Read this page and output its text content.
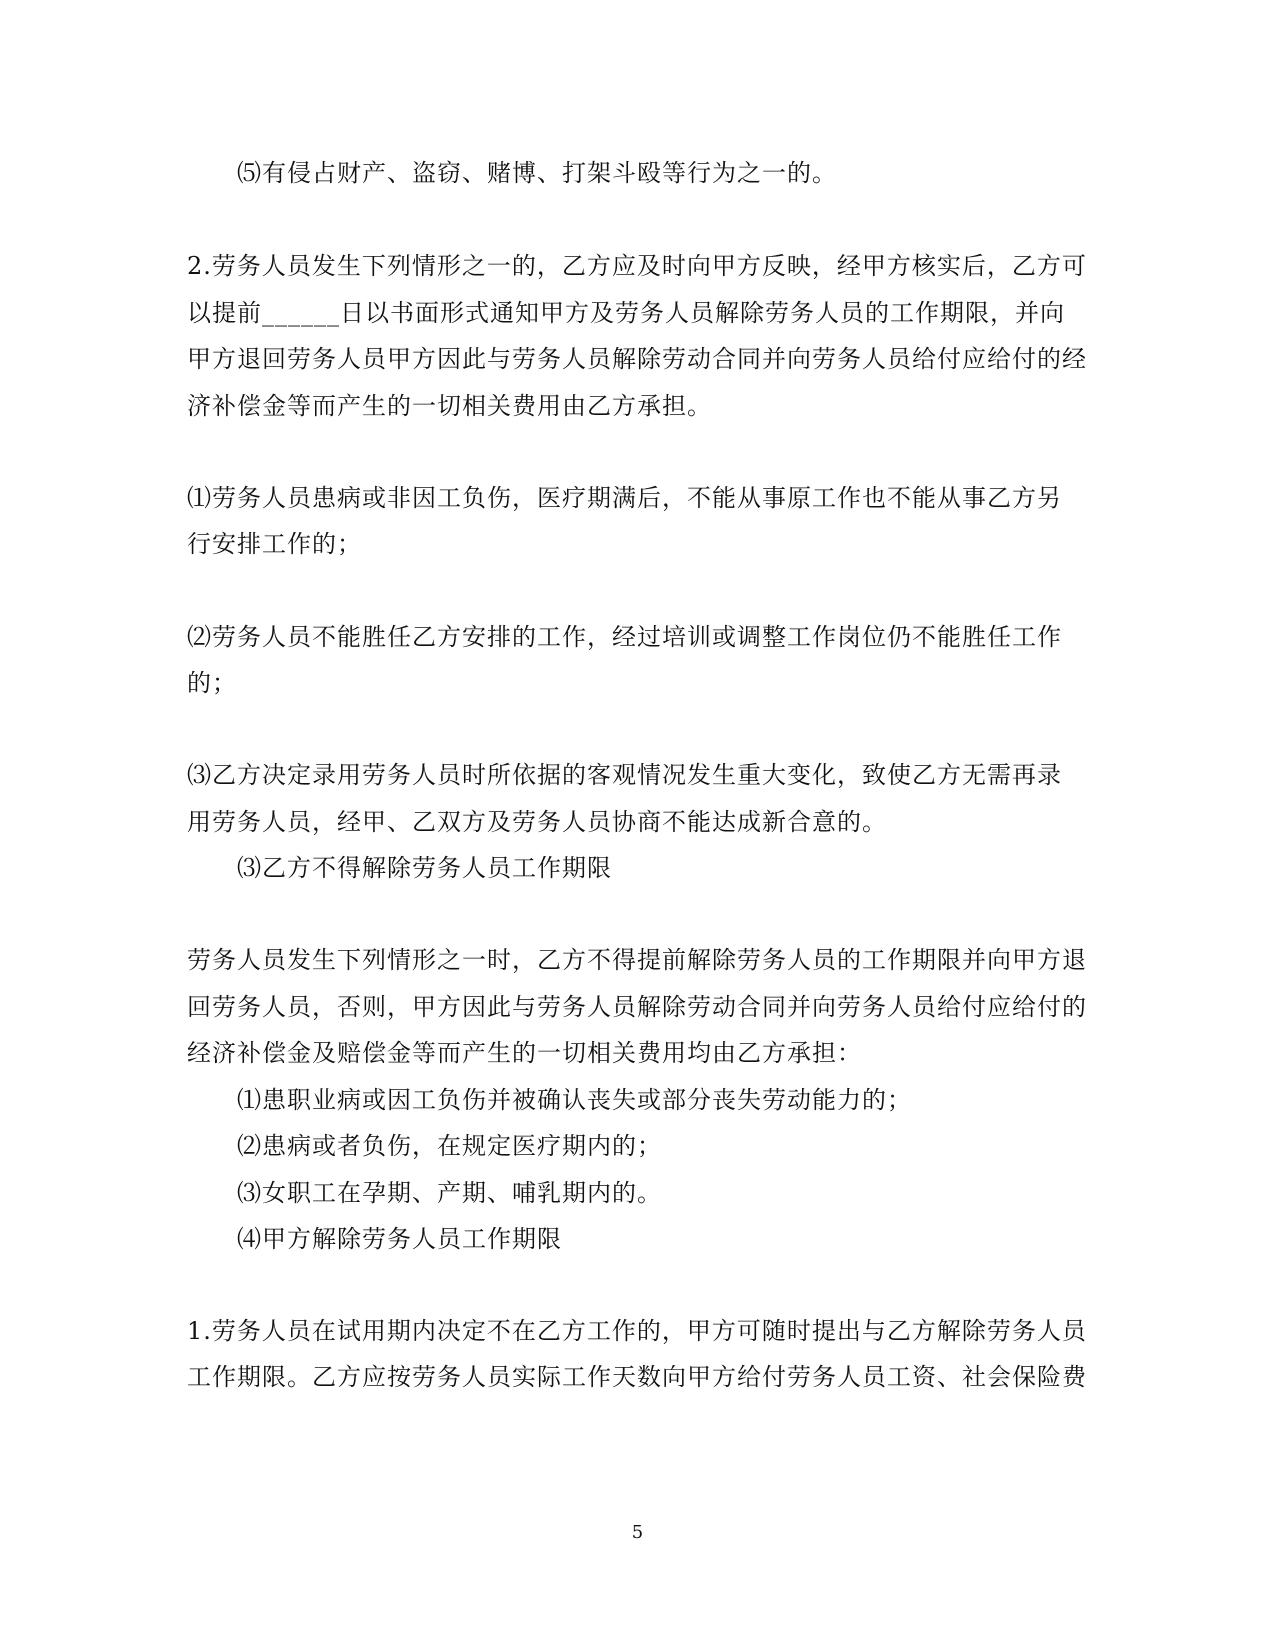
⑸有侵占财产、盗窃、赌博、打架斗殴等行为之一的。
2.劳务人员发生下列情形之一的，乙方应及时向甲方反映，经甲方核实后，乙方可
以提前______日以书面形式通知甲方及劳务人员解除劳务人员的工作期限，并向
甲方退回劳务人员甲方因此与劳务人员解除劳动合同并向劳务人员给付应给付的经
济补偿金等而产生的一切相关费用由乙方承担。
⑴劳务人员患病或非因工负伤，医疗期满后，不能从事原工作也不能从事乙方另
行安排工作的；
⑵劳务人员不能胜任乙方安排的工作，经过培训或调整工作岗位仍不能胜任工作
的；
⑶乙方决定录用劳务人员时所依据的客观情况发生重大变化，致使乙方无需再录
用劳务人员，经甲、乙双方及劳务人员协商不能达成新合意的。
⑶乙方不得解除劳务人员工作期限
劳务人员发生下列情形之一时，乙方不得提前解除劳务人员的工作期限并向甲方退
回劳务人员，否则，甲方因此与劳务人员解除劳动合同并向劳务人员给付应给付的
经济补偿金及赔偿金等而产生的一切相关费用均由乙方承担：
⑴患职业病或因工负伤并被确认丧失或部分丧失劳动能力的；
⑵患病或者负伤，在规定医疗期内的；
⑶女职工在孕期、产期、哺乳期内的。
⑷甲方解除劳务人员工作期限
1.劳务人员在试用期内决定不在乙方工作的，甲方可随时提出与乙方解除劳务人员
工作期限。乙方应按劳务人员实际工作天数向甲方给付劳务人员工资、社会保险费
5
